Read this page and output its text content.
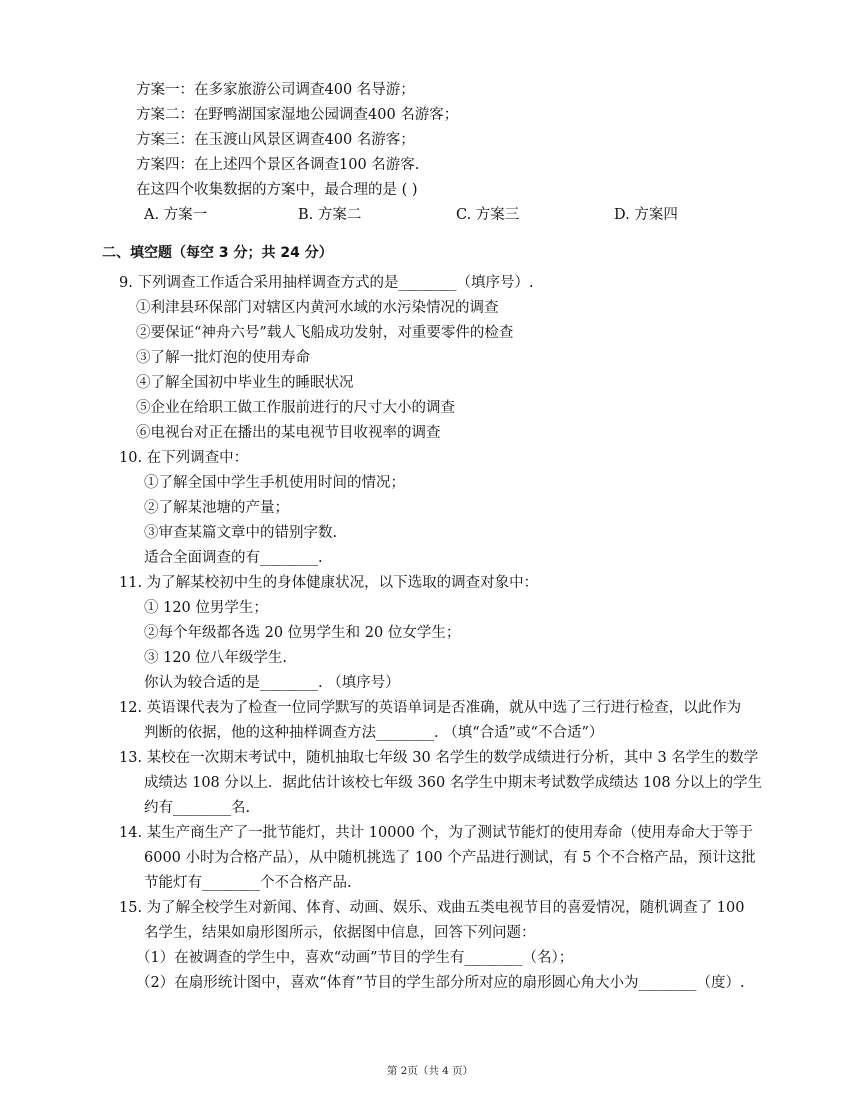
方案一：在多家旅游公司调查400 名导游；
方案二：在野鸭湖国家湿地公园调查400 名游客；
方案三：在玉渡山风景区调查400 名游客；
方案四：在上述四个景区各调查100 名游客.
在这四个收集数据的方案中，最合理的是 ( )
A. 方案一	B. 方案二	C. 方案三	D. 方案四
二、填空题（每空 3 分；共 24 分）
9. 下列调查工作适合采用抽样调查方式的是________（填序号）.
①利津县环保部门对辖区内黄河水域的水污染情况的调查
②要保证“神舟六号”载人飞船成功发射，对重要零件的检查
③了解一批灯泡的使用寿命
④了解全国初中毕业生的睡眠状况
⑤企业在给职工做工作服前进行的尺寸大小的调查
⑥电视台对正在播出的某电视节目收视率的调查
10. 在下列调查中：
①了解全国中学生手机使用时间的情况；
②了解某池塘的产量；
③审查某篇文章中的错别字数.
适合全面调查的有________.
11. 为了解某校初中生的身体健康状况，以下选取的调查对象中：
① 120 位男学生；
②每个年级都各选 20 位男学生和 20 位女学生；
③ 120 位八年级学生.
你认为较合适的是________. （填序号）
12. 英语课代表为了检查一位同学默写的英语单词是否准确，就从中选了三行进行检查，以此作为
判断的依据，他的这种抽样调查方法________. （填“合适”或“不合适”）
13. 某校在一次期末考试中，随机抽取七年级 30 名学生的数学成绩进行分析，其中 3 名学生的数学
成绩达 108 分以上．据此估计该校七年级 360 名学生中期末考试数学成绩达 108 分以上的学生
约有________名.
14. 某生产商生产了一批节能灯，共计 10000 个，为了测试节能灯的使用寿命（使用寿命大于等于
6000 小时为合格产品），从中随机挑选了 100 个产品进行测试，有 5 个不合格产品，预计这批
节能灯有________个不合格产品.
15. 为了解全校学生对新闻、体育、动画、娱乐、戏曲五类电视节目的喜爱情况，随机调查了 100
名学生，结果如扇形图所示，依据图中信息，回答下列问题：
（1）在被调查的学生中，喜欢“动画”节目的学生有________（名）；
（2）在扇形统计图中，喜欢“体育”节目的学生部分所对应的扇形圆心角大小为________（度）.
第 2页（共 4 页）
